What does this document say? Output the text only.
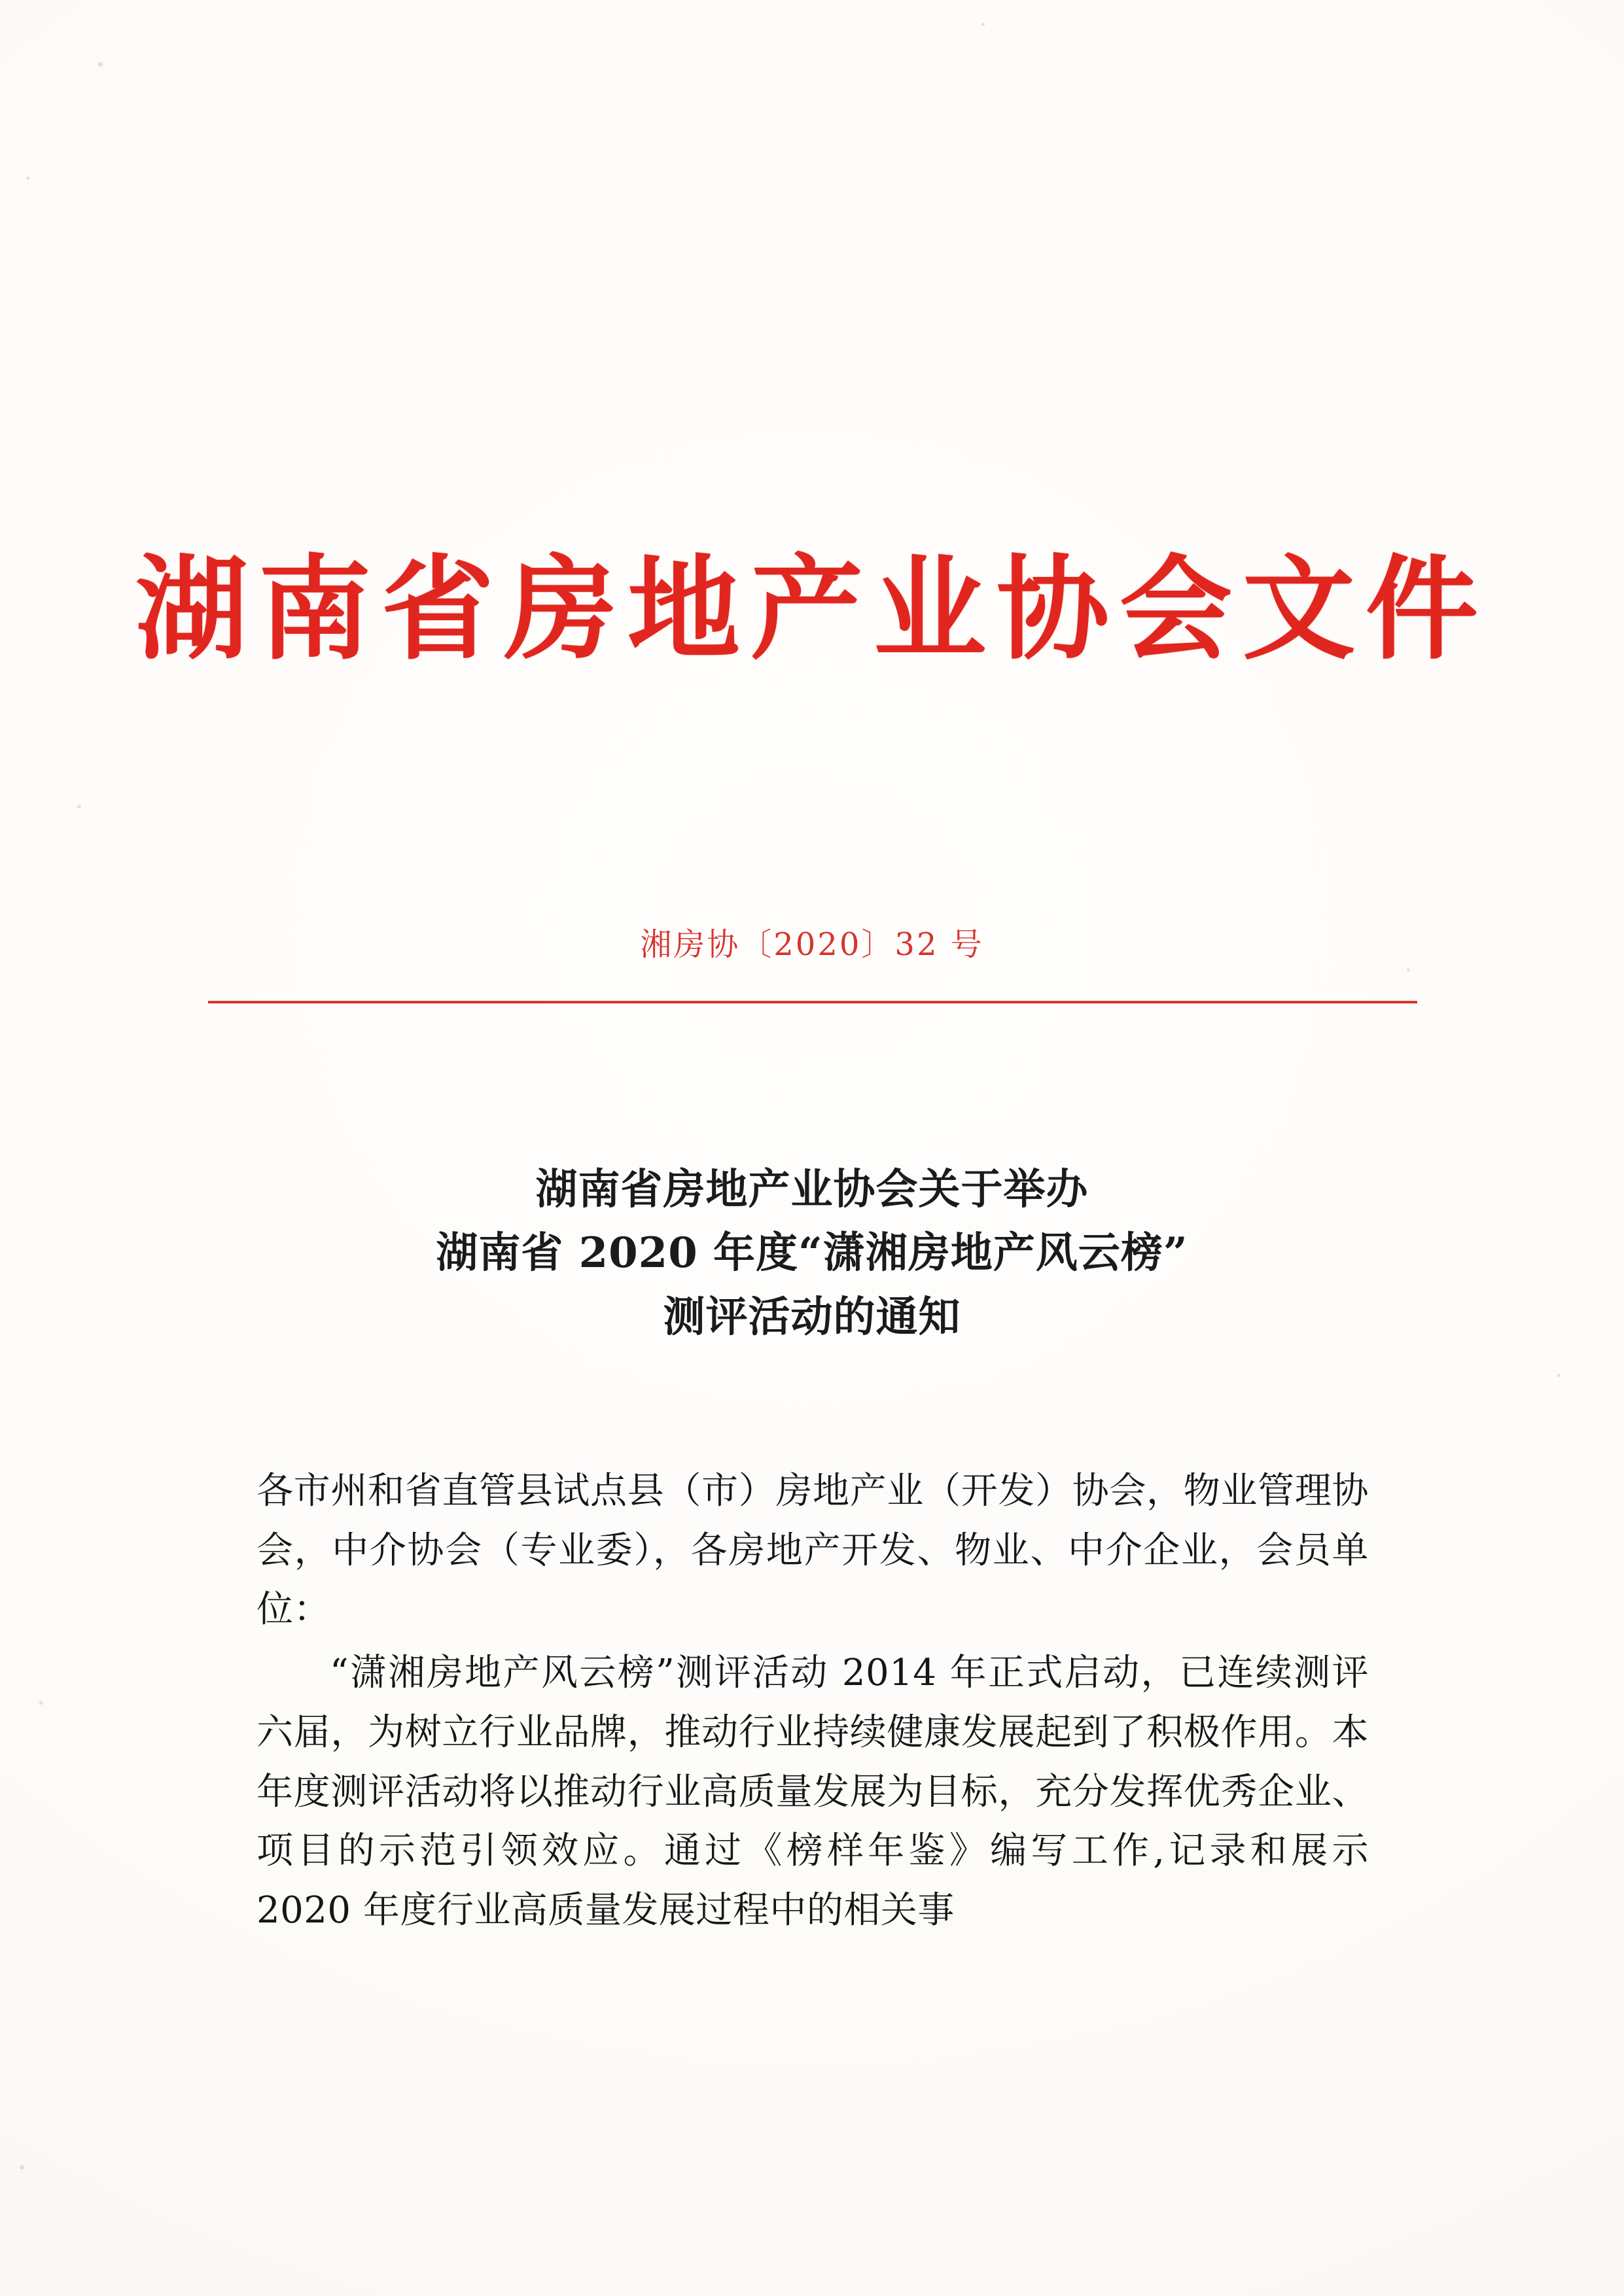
湖南省房地产业协会文件
湘房协〔2020〕32 号
湖南省房地产业协会关于举办
湖南省 2020 年度“潇湘房地产风云榜”
测评活动的通知

各市州和省直管县试点县（市）房地产业（开发）协会，物业管理协会，中介协会（专业委），各房地产开发、物业、中介企业，会员单位：

“潇湘房地产风云榜”测评活动 2014 年正式启动，已连续测评六届，为树立行业品牌，推动行业持续健康发展起到了积极作用。本年度测评活动将以推动行业高质量发展为目标，充分发挥优秀企业、项目的示范引领效应。通过《榜样年鉴》编写工作,记录和展示 2020 年度行业高质量发展过程中的相关事
